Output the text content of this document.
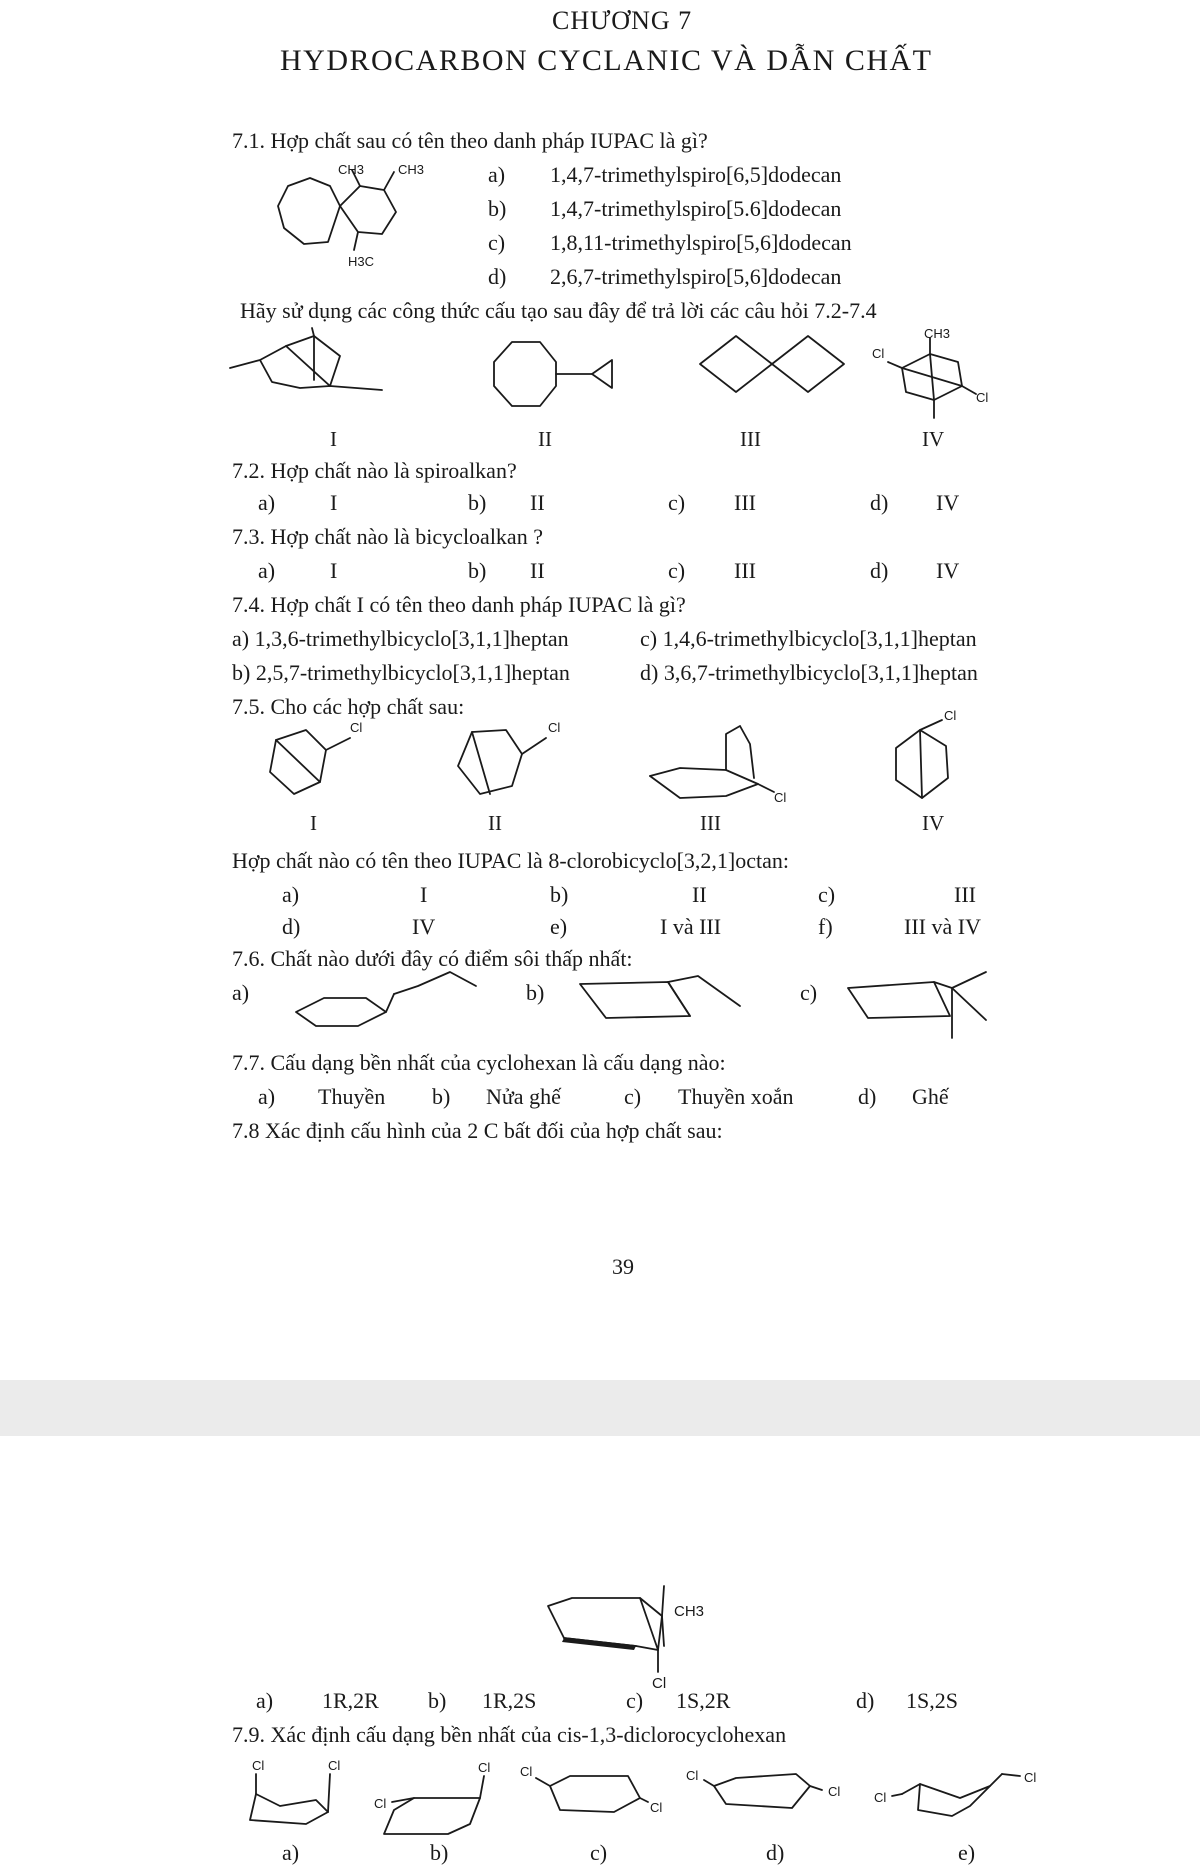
CHƯƠNG 7
HYDROCARBON CYCLANIC VÀ DẪN CHẤT
7.1. Hợp chất sau có tên theo danh pháp IUPAC là gì?
CH3	CH3
H3C
a) 1,4,7-trimethylspiro[6,5]dodecan
b) 1,4,7-trimethylspiro[5.6]dodecan
c) 1,8,11-trimethylspiro[5,6]dodecan
d) 2,6,7-trimethylspiro[5,6]dodecan
Hãy sử dụng các công thức cấu tạo sau đây để trả lời các câu hỏi 7.2-7.4
CH3
Cl
Cl
I	II	III	IV
7.2. Hợp chất nào là spiroalkan?
a) I	b) II	c) III	d) IV
7.3. Hợp chất nào là bicycloalkan ?
a) I	b) II	c) III	d) IV
7.4. Hợp chất I có tên theo danh pháp IUPAC là gì?
a) 1,3,6-trimethylbicyclo[3,1,1]heptan	c) 1,4,6-trimethylbicyclo[3,1,1]heptan
b) 2,5,7-trimethylbicyclo[3,1,1]heptan	d) 3,6,7-trimethylbicyclo[3,1,1]heptan
7.5. Cho các hợp chất sau:
Cl	Cl
Cl
Cl
I	II	III	IV
Hợp chất nào có tên theo IUPAC là 8-clorobicyclo[3,2,1]octan:
a)	I	b)	II	c)	III
d)	IV	e)	I và III	f)	III và IV
7.6. Chất nào dưới đây có điểm sôi thấp nhất:
a)	b)	c)
7.7. Cấu dạng bền nhất của cyclohexan là cấu dạng nào:
a) Thuyền b) Nửa ghế	c) Thuyền xoắn	d) Ghế
7.8 Xác định cấu hình của 2 C bất đối của hợp chất sau:
39
CH3
Cl
a) 1R,2R b) 1R,2S	c) 1S,2R	d) 1S,2S
7.9. Xác định cấu dạng bền nhất của cis-1,3-diclorocyclohexan
Cl	Cl
Cl
Cl Cl
Cl
Cl
Cl	Cl
Cl
a)	b)	c)	d)	e)
